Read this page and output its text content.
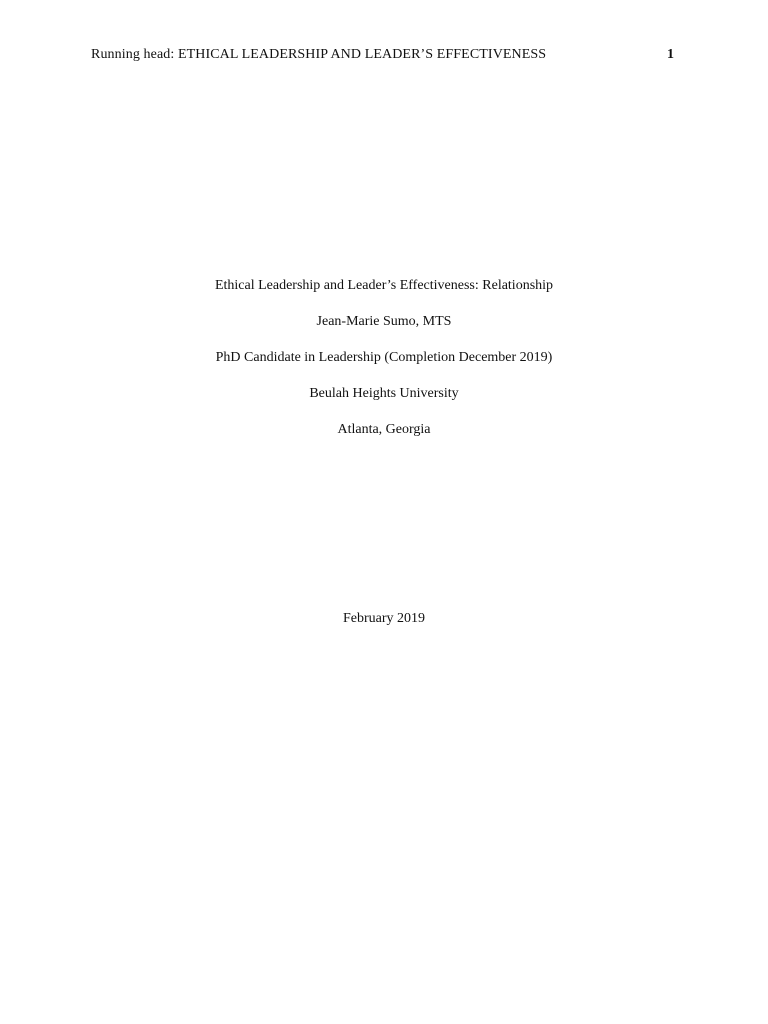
Running head: ETHICAL LEADERSHIP AND LEADER’S EFFECTIVENESS	1
Ethical Leadership and Leader’s Effectiveness: Relationship
Jean-Marie Sumo, MTS
PhD Candidate in Leadership (Completion December 2019)
Beulah Heights University
Atlanta, Georgia
February 2019
